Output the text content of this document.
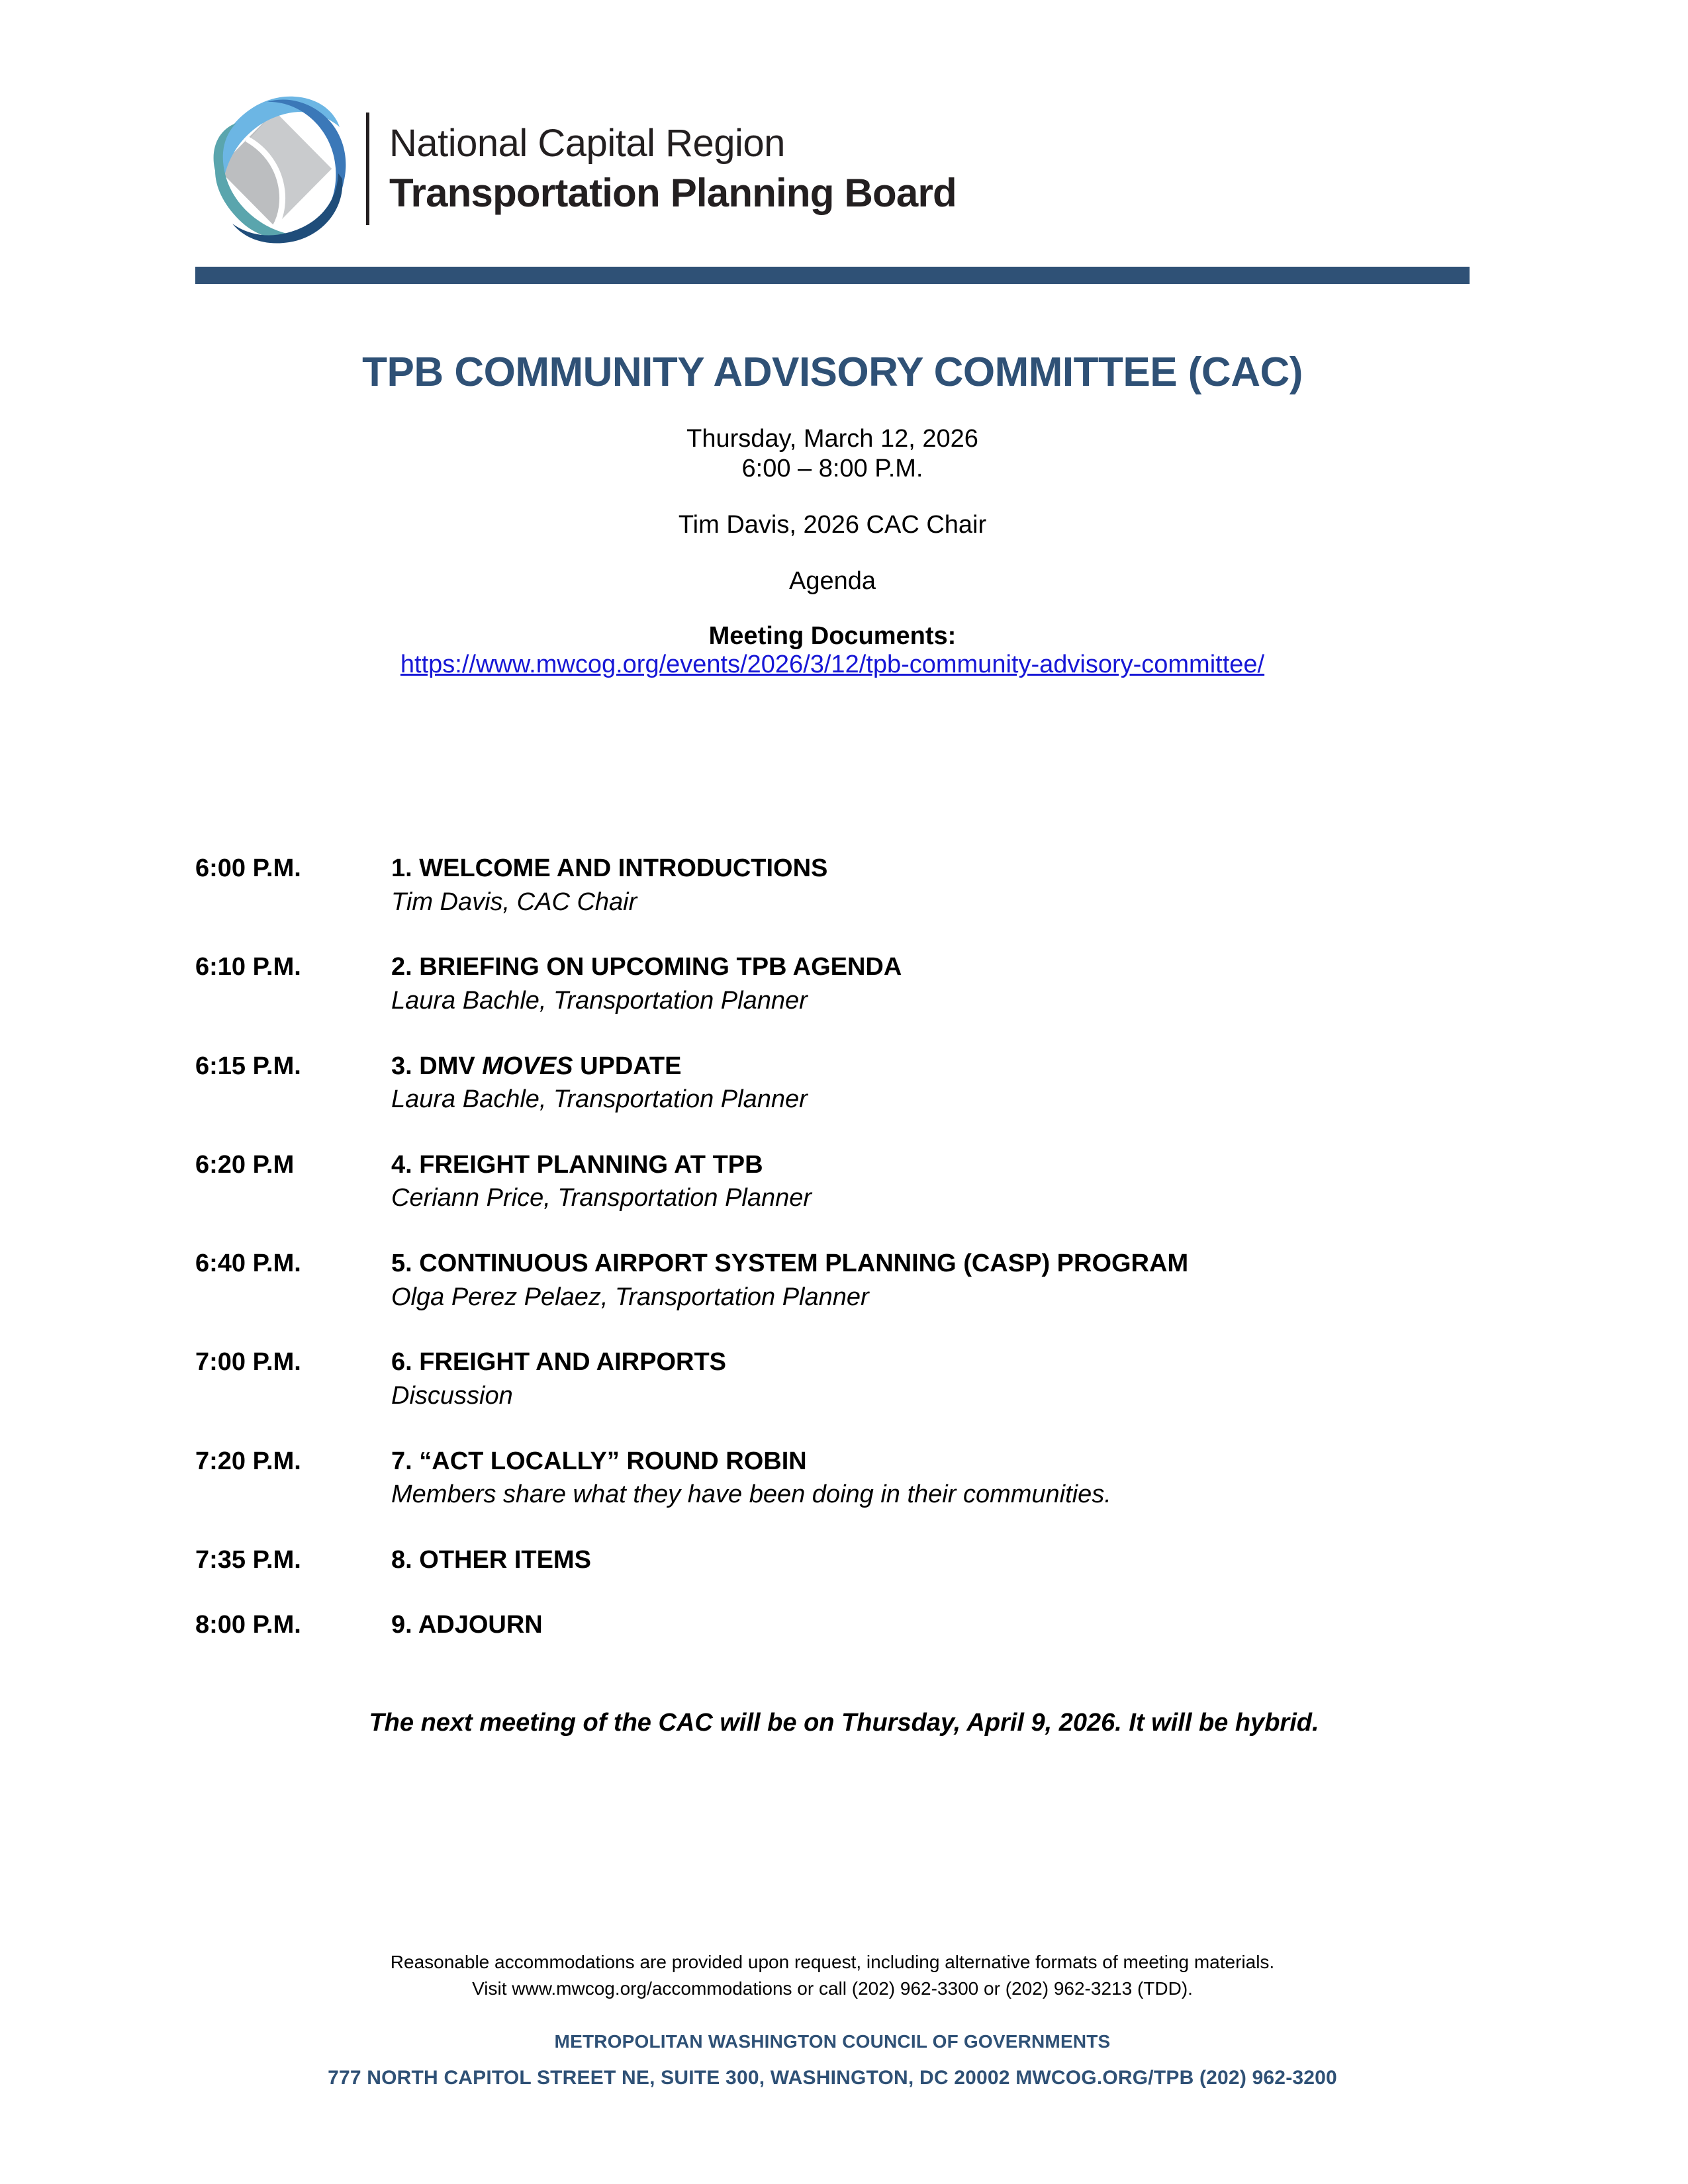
National Capital Region
Transportation Planning Board
TPB COMMUNITY ADVISORY COMMITTEE (CAC)
Thursday, March 12, 2026
6:00 – 8:00 P.M.
Tim Davis, 2026 CAC Chair
Agenda
Meeting Documents:
https://www.mwcog.org/events/2026/3/12/tpb-community-advisory-committee/
6:00 P.M.	1. WELCOME AND INTRODUCTIONS
Tim Davis, CAC Chair
6:10 P.M.	2. BRIEFING ON UPCOMING TPB AGENDA
Laura Bachle, Transportation Planner
6:15 P.M.	3. DMV MOVES UPDATE
Laura Bachle, Transportation Planner
6:20 P.M	4. FREIGHT PLANNING AT TPB
Ceriann Price, Transportation Planner
6:40 P.M.	5. CONTINUOUS AIRPORT SYSTEM PLANNING (CASP) PROGRAM
Olga Perez Pelaez, Transportation Planner
7:00 P.M.	6. FREIGHT AND AIRPORTS
Discussion
7:20 P.M.	7. “ACT LOCALLY” ROUND ROBIN
Members share what they have been doing in their communities.
7:35 P.M.	8. OTHER ITEMS
8:00 P.M.	9. ADJOURN
The next meeting of the CAC will be on Thursday, April 9, 2026. It will be hybrid.
Reasonable accommodations are provided upon request, including alternative formats of meeting materials.
Visit www.mwcog.org/accommodations or call (202) 962-3300 or (202) 962-3213 (TDD).
METROPOLITAN WASHINGTON COUNCIL OF GOVERNMENTS
777 NORTH CAPITOL STREET NE, SUITE 300, WASHINGTON, DC 20002 MWCOG.ORG/TPB (202) 962-3200
